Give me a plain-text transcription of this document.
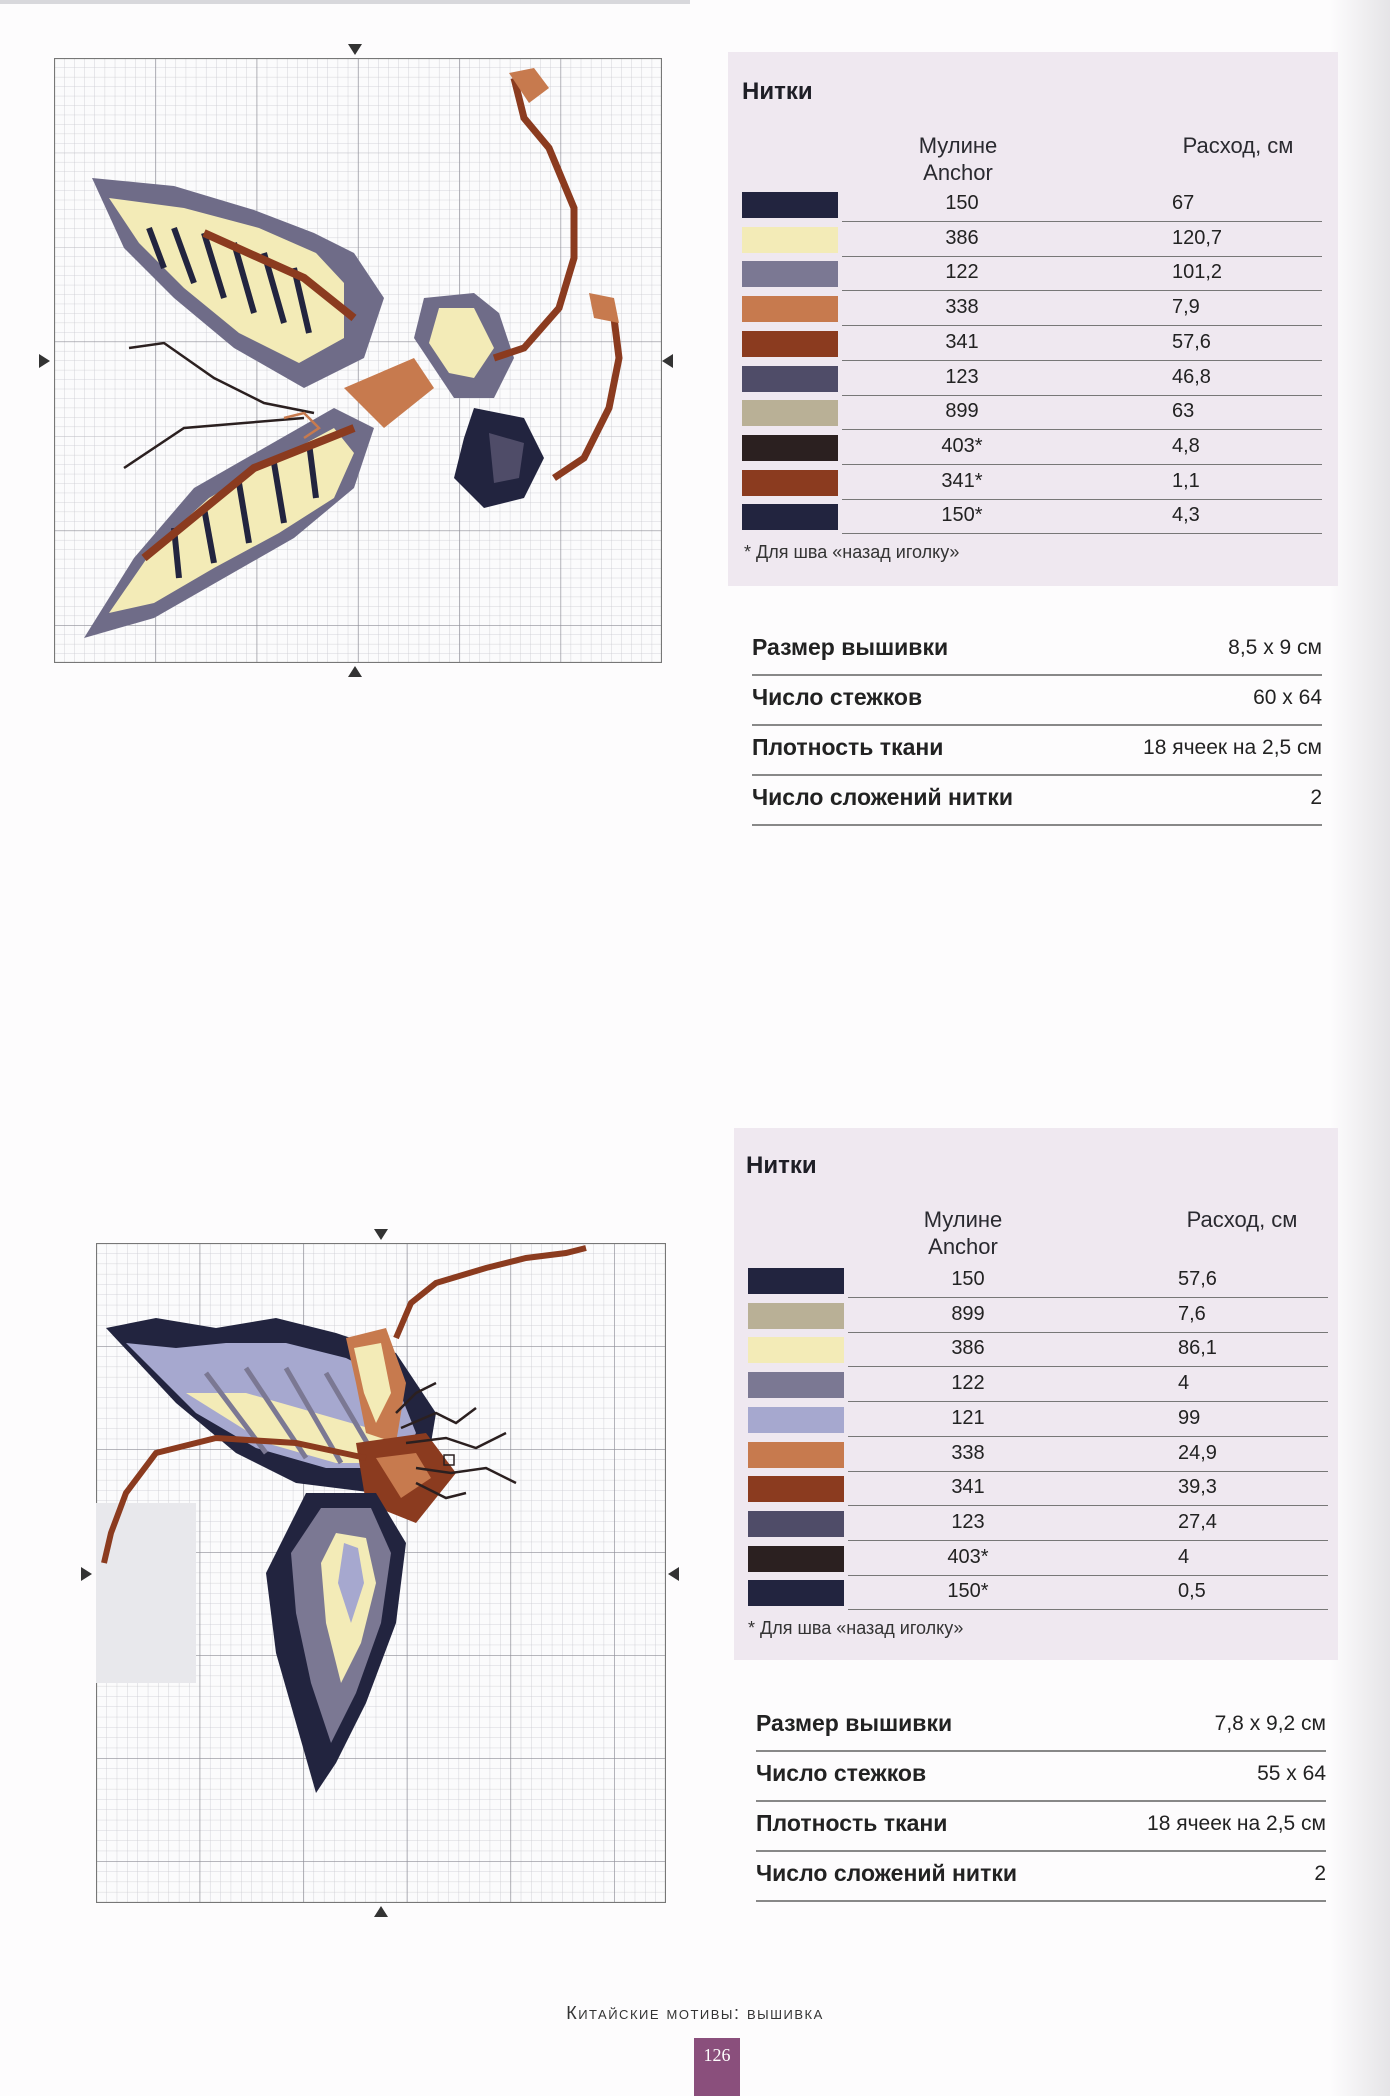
Нитки
Мулине Anchor
Расход, см
150	67
386	120,7
122	101,2
338	7,9
341	57,6
123	46,8
899	63
403*	4,8
341*	1,1
150*	4,3
* Для шва «назад иголку»
Размер вышивки	8,5 х 9 см
Число стежков	60 х 64
Плотность ткани	18 ячеек на 2,5 см
Число сложений нитки	2
Нитки
Мулине Anchor
Расход, см
150	57,6
899	7,6
386	86,1
122	4
121	99
338	24,9
341	39,3
123	27,4
403*	4
150*	0,5
* Для шва «назад иголку»
Размер вышивки	7,8 х 9,2 см
Число стежков	55 х 64
Плотность ткани	18 ячеек на 2,5 см
Число сложений нитки	2
Китайские мотивы: вышивка
126
